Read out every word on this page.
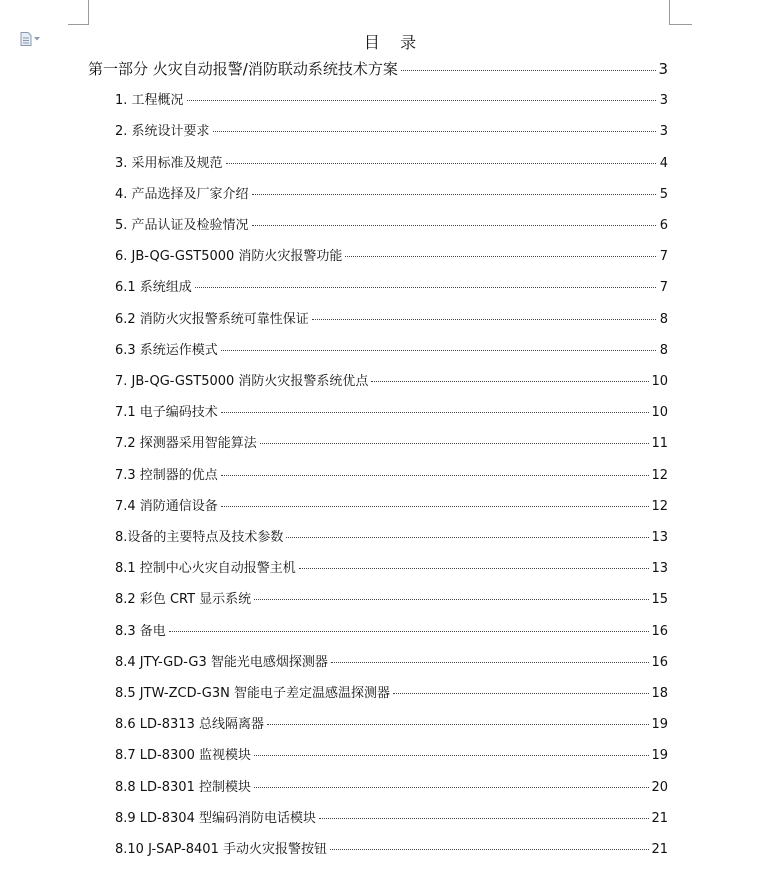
目    录
第一部分 火灾自动报警/消防联动系统技术方案	3
1. 工程概况	3
2. 系统设计要求	3
3. 采用标准及规范	4
4. 产品选择及厂家介绍	5
5. 产品认证及检验情况	6
6. JB-QG-GST5000 消防火灾报警功能	7
6.1 系统组成	7
6.2 消防火灾报警系统可靠性保证	8
6.3 系统运作模式	8
7. JB-QG-GST5000 消防火灾报警系统优点	10
7.1 电子编码技术	10
7.2 探测器采用智能算法	11
7.3 控制器的优点	12
7.4 消防通信设备	12
8.设备的主要特点及技术参数	13
8.1 控制中心火灾自动报警主机	13
8.2 彩色 CRT 显示系统	15
8.3 备电	16
8.4 JTY-GD-G3 智能光电感烟探测器	16
8.5 JTW-ZCD-G3N 智能电子差定温感温探测器	18
8.6 LD-8313 总线隔离器	19
8.7 LD-8300 监视模块	19
8.8 LD-8301 控制模块	20
8.9 LD-8304 型编码消防电话模块	21
8.10 J-SAP-8401 手动火灾报警按钮	21
